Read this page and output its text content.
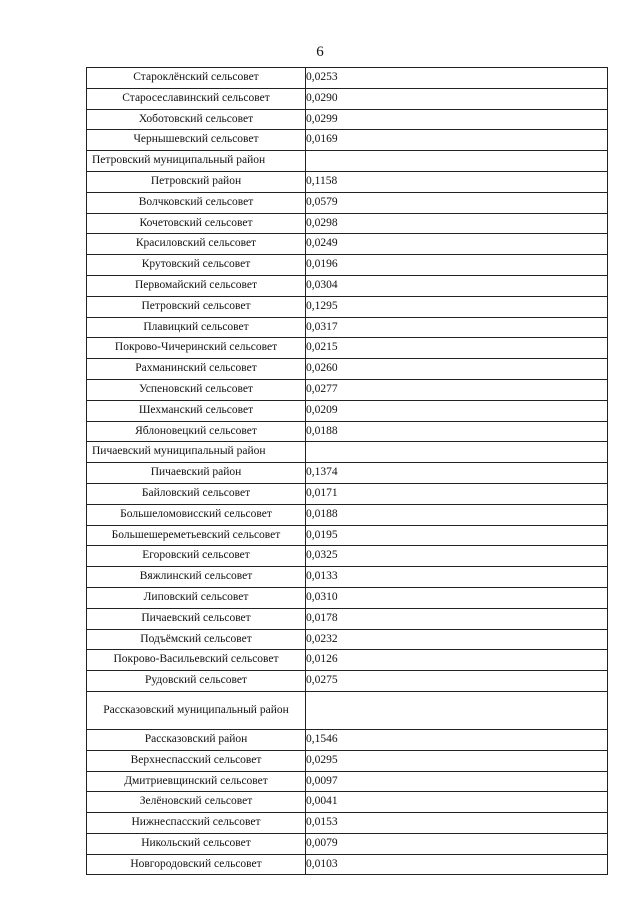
6
Староклёнский сельсовет	0,0253
Старосеславинский сельсовет	0,0290
Хоботовский сельсовет	0,0299
Чернышевский сельсовет	0,0169
Петровский муниципальный район	
Петровский район	0,1158
Волчковский сельсовет	0,0579
Кочетовский сельсовет	0,0298
Красиловский сельсовет	0,0249
Крутовский сельсовет	0,0196
Первомайский сельсовет	0,0304
Петровский сельсовет	0,1295
Плавицкий сельсовет	0,0317
Покрово-Чичеринский сельсовет	0,0215
Рахманинский сельсовет	0,0260
Успеновский сельсовет	0,0277
Шехманский сельсовет	0,0209
Яблоновецкий сельсовет	0,0188
Пичаевский муниципальный район	
Пичаевский район	0,1374
Байловский сельсовет	0,0171
Большеломовисский сельсовет	0,0188
Большешереметьевский сельсовет	0,0195
Егоровский сельсовет	0,0325
Вяжлинский сельсовет	0,0133
Липовский сельсовет	0,0310
Пичаевский сельсовет	0,0178
Подъёмский сельсовет	0,0232
Покрово-Васильевский сельсовет	0,0126
Рудовский сельсовет	0,0275
Рассказовский муниципальный район	
Рассказовский район	0,1546
Верхнеспасский сельсовет	0,0295
Дмитриевщинский сельсовет	0,0097
Зелёновский сельсовет	0,0041
Нижнеспасский сельсовет	0,0153
Никольский сельсовет	0,0079
Новгородовский сельсовет	0,0103
